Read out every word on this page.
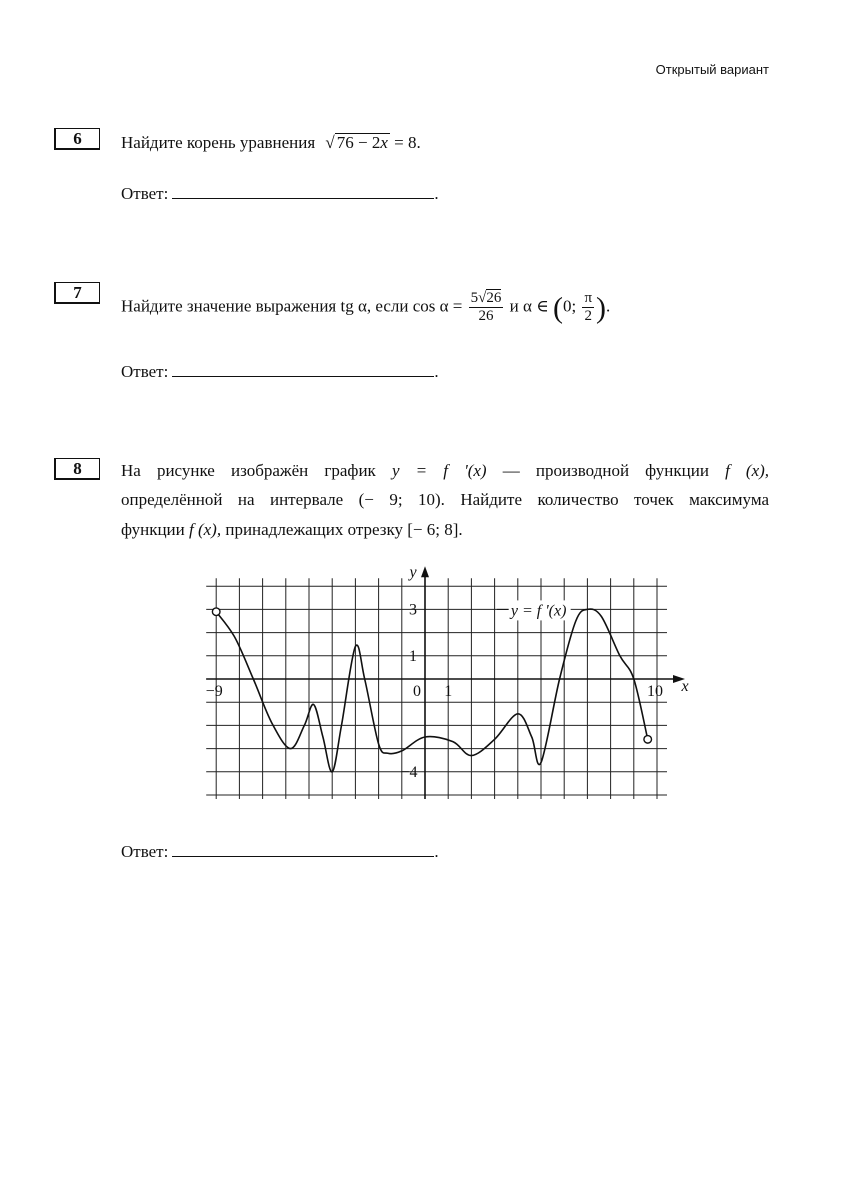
Открытый вариант
6	Найдите корень уравнения √ 76 − 2x = 8.
Ответ:	.
7
Найдите значение выражения tg α, если $\cos \alpha = \frac{5√26}{26}$ и α ∈ (0; $\frac{\pi}{2}$ ).
Ответ:	.
8	На рисунке изображён график y = f '(x) — производной функции f (x),
определённой на интервале (− 9; 10). Найдите количество точек максимума
функции f (x), принадлежащих отрезку [− 6; 8].
−9	0 1	10
3
1
−4
x
y
y = f '(x)
Ответ:	.
